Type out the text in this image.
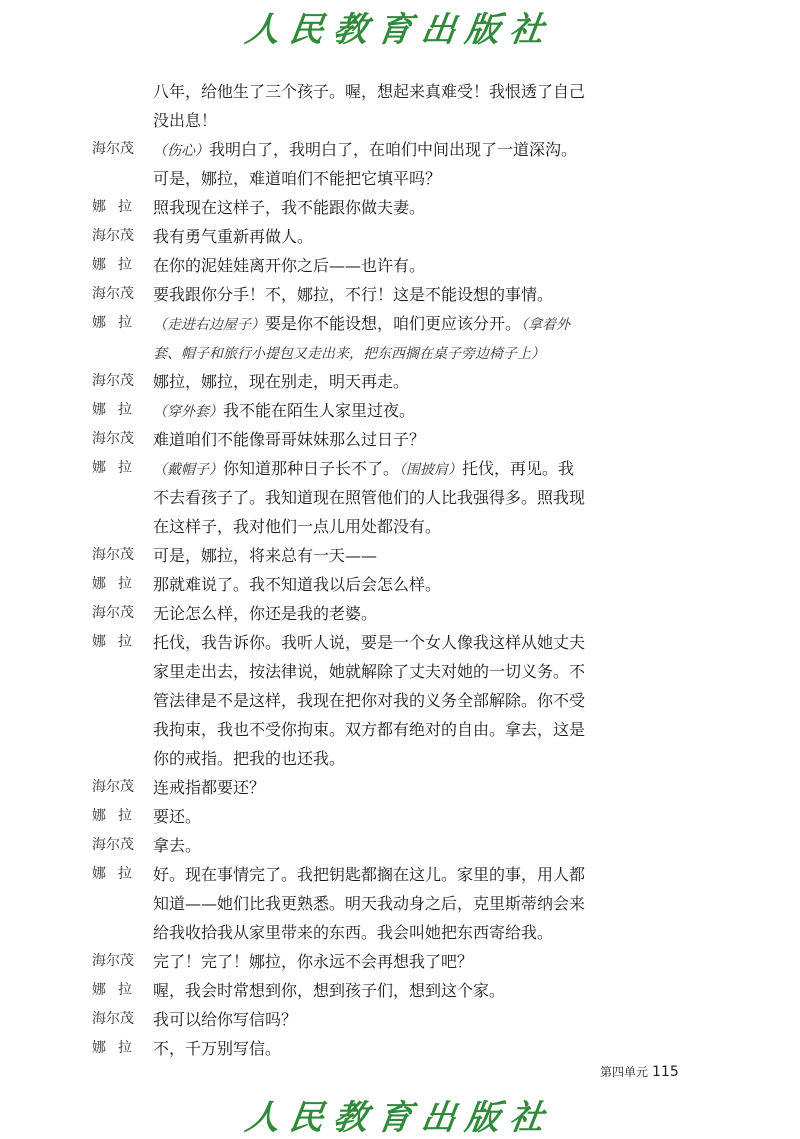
人民教育出版社
八年，给他生了三个孩子。喔，想起来真难受！我恨透了自己
没出息！
海尔茂	（伤心）我明白了，我明白了，在咱们中间出现了一道深沟。
可是，娜拉，难道咱们不能把它填平吗？
娜拉 照我现在这样子，我不能跟你做夫妻。
海尔茂	我有勇气重新再做人。
娜拉 在你的泥娃娃离开你之后——也许有。
海尔茂	要我跟你分手！不，娜拉，不行！这是不能设想的事情。
娜拉 （走进右边屋子）要是你不能设想，咱们更应该分开。（拿着外
套、帽子和旅行小提包又走出来，把东西搁在桌子旁边椅子上）
海尔茂	娜拉，娜拉，现在别走，明天再走。
娜拉 （穿外套）我不能在陌生人家里过夜。
海尔茂	难道咱们不能像哥哥妹妹那么过日子？
娜拉 （戴帽子）你知道那种日子长不了。（围披肩）托伐，再见。我
不去看孩子了。我知道现在照管他们的人比我强得多。照我现
在这样子，我对他们一点儿用处都没有。
海尔茂	可是，娜拉，将来总有一天——
娜拉 那就难说了。我不知道我以后会怎么样。
海尔茂	无论怎么样，你还是我的老婆。
娜拉 托伐，我告诉你。我听人说，要是一个女人像我这样从她丈夫
家里走出去，按法律说，她就解除了丈夫对她的一切义务。不
管法律是不是这样，我现在把你对我的义务全部解除。你不受
我拘束，我也不受你拘束。双方都有绝对的自由。拿去，这是
你的戒指。把我的也还我。
海尔茂	连戒指都要还？
娜拉 要还。
海尔茂	拿去。
娜拉 好。现在事情完了。我把钥匙都搁在这儿。家里的事，用人都
知道——她们比我更熟悉。明天我动身之后，克里斯蒂纳会来
给我收拾我从家里带来的东西。我会叫她把东西寄给我。
海尔茂	完了！完了！娜拉，你永远不会再想我了吧？
娜拉 喔，我会时常想到你，想到孩子们，想到这个家。
海尔茂	我可以给你写信吗？
娜拉 不，千万别写信。
第四单元 115
人民教育出版社
